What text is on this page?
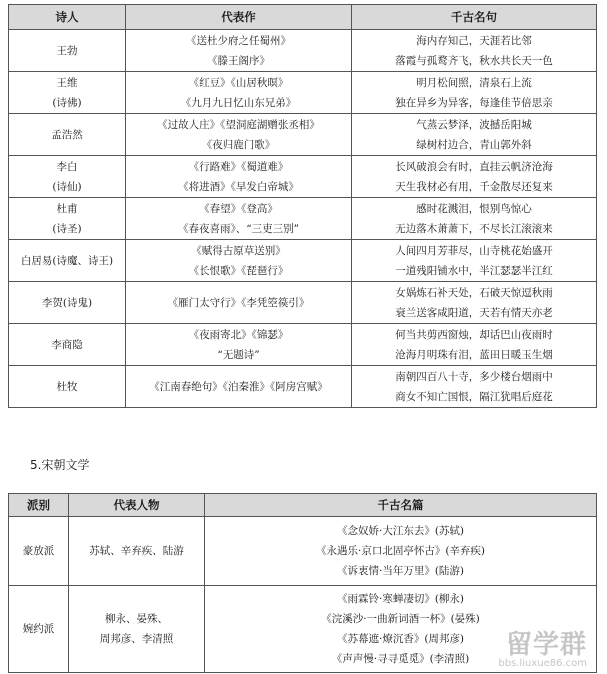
诗人	代表作	千古名句

王勃	《送杜少府之任蜀州》
《滕王阁序》	海内存知己，天涯若比邻
落霞与孤鹜齐飞，秋水共长天一色

王维
(诗佛)	《红豆》《山居秋暝》
《九月九日忆山东兄弟》	明月松间照，清泉石上流
独在异乡为异客，每逢佳节倍思亲

孟浩然	《过故人庄》《望洞庭湖赠张丞相》
《夜归鹿门歌》	气蒸云梦泽，波撼岳阳城
绿树村边合，青山郭外斜

李白
(诗仙)	《行路难》《蜀道难》
《将进酒》《早发白帝城》	长风破浪会有时，直挂云帆济沧海
天生我材必有用，千金散尽还复来

杜甫
(诗圣)	《春望》《登高》
《春夜喜雨》、“三吏三别”	感时花溅泪，恨别鸟惊心
无边落木萧萧下，不尽长江滚滚来

白居易(诗魔、诗王)	《赋得古原草送别》
《长恨歌》《琵琶行》	人间四月芳菲尽，山寺桃花始盛开
一道残阳铺水中，半江瑟瑟半江红

李贺(诗鬼)	《雁门太守行》《李凭箜篌引》	女娲炼石补天处，石破天惊逗秋雨
衰兰送客咸阳道，天若有情天亦老

李商隐	《夜雨寄北》《锦瑟》
“无题诗”	何当共剪西窗烛，却话巴山夜雨时
沧海月明珠有泪，蓝田日暖玉生烟

杜牧	《江南春绝句》《泊秦淮》《阿房宫赋》	南朝四百八十寺，多少楼台烟雨中
商女不知亡国恨，隔江犹唱后庭花
5.宋朝文学
派别	代表人物	千古名篇
豪放派	苏轼、辛弃疾、陆游	《念奴娇·大江东去》(苏轼)
《永遇乐·京口北固亭怀古》(辛弃疾)
《诉衷情·当年万里》(陆游)

婉约派	柳永、晏殊、
周邦彦、李清照	《雨霖铃·寒蝉凄切》(柳永)
《浣溪沙·一曲新词酒一杯》(晏殊)
《苏幕遮·燎沉香》(周邦彦)
《声声慢·寻寻觅觅》(李清照)	留学群
bbs.liuxue86.com
